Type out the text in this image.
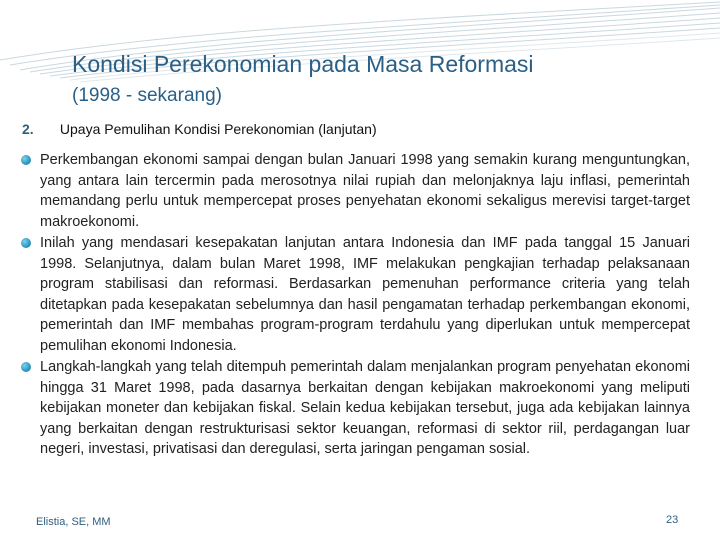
Kondisi Perekonomian pada Masa Reformasi
(1998 - sekarang)
2. Upaya Pemulihan Kondisi Perekonomian (lanjutan)
Perkembangan ekonomi sampai dengan bulan Januari 1998 yang semakin kurang menguntungkan, yang antara lain tercermin pada merosotnya nilai rupiah dan melonjaknya laju inflasi, pemerintah memandang perlu untuk mempercepat proses penyehatan ekonomi sekaligus merevisi target-target makroekonomi.
Inilah yang mendasari kesepakatan lanjutan antara Indonesia dan IMF pada tanggal 15 Januari 1998. Selanjutnya, dalam bulan Maret 1998, IMF melakukan pengkajian terhadap pelaksanaan program stabilisasi dan reformasi. Berdasarkan pemenuhan performance criteria yang telah ditetapkan pada kesepakatan sebelumnya dan hasil pengamatan terhadap perkembangan ekonomi, pemerintah dan IMF membahas program-program terdahulu yang diperlukan untuk mempercepat pemulihan ekonomi Indonesia.
Langkah-langkah yang telah ditempuh pemerintah dalam menjalankan program penyehatan ekonomi hingga 31 Maret 1998, pada dasarnya berkaitan dengan kebijakan makroekonomi yang meliputi kebijakan moneter dan kebijakan fiskal. Selain kedua kebijakan tersebut, juga ada kebijakan lainnya yang berkaitan dengan restrukturisasi sektor keuangan, reformasi di sektor riil, perdagangan luar negeri, investasi, privatisasi dan deregulasi, serta jaringan pengaman sosial.
Elistia, SE, MM	23
